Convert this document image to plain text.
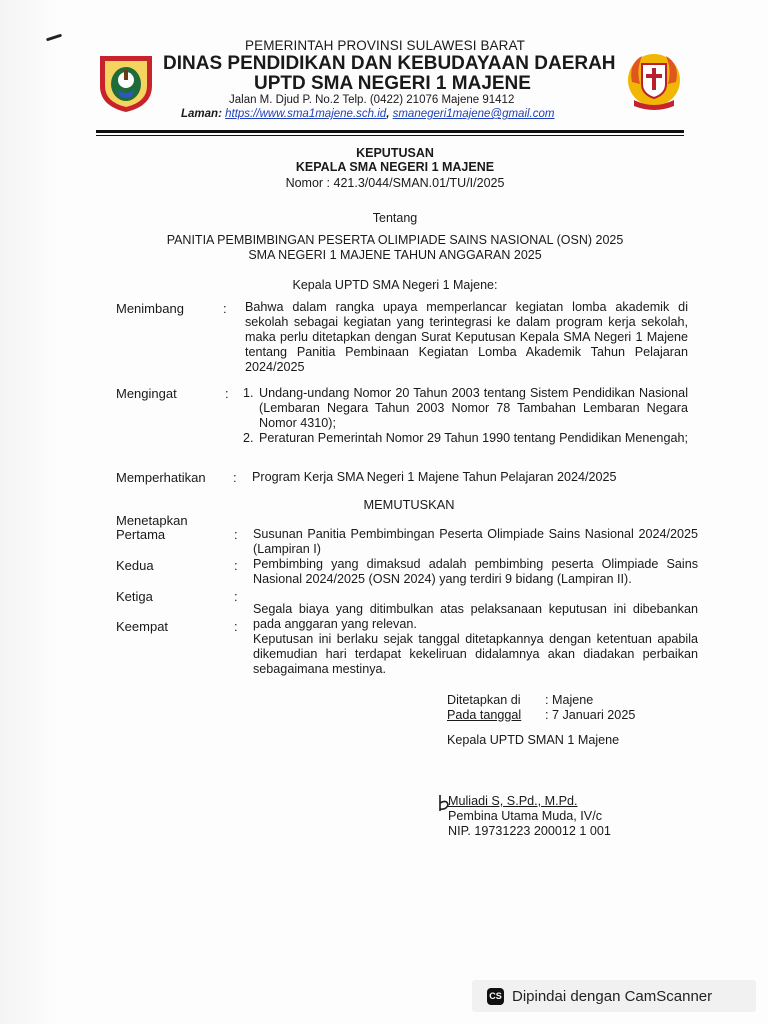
PEMERINTAH PROVINSI SULAWESI BARAT
DINAS PENDIDIKAN DAN KEBUDAYAAN DAERAH
UPTD SMA NEGERI 1 MAJENE
Jalan M. Djud P. No.2 Telp. (0422) 21076 Majene 91412
Laman: https://www.sma1majene.sch.id, smanegeri1majene@gmail.com
KEPUTUSAN
KEPALA SMA NEGERI 1 MAJENE
Nomor : 421.3/044/SMAN.01/TU/I/2025
Tentang
PANITIA PEMBIMBINGAN PESERTA OLIMPIADE SAINS NASIONAL (OSN) 2025
SMA NEGERI 1 MAJENE TAHUN ANGGARAN 2025
Kepala UPTD SMA Negeri 1 Majene:
Menimbang	: Bahwa dalam rangka upaya memperlancar kegiatan lomba akademik di sekolah sebagai kegiatan yang terintegrasi ke dalam program kerja sekolah, maka perlu ditetapkan dengan Surat Keputusan Kepala SMA Negeri 1 Majene tentang Panitia Pembinaan Kegiatan Lomba Akademik Tahun Pelajaran 2024/2025
Mengingat	: 1. Undang-undang Nomor 20 Tahun 2003 tentang Sistem Pendidikan Nasional (Lembaran Negara Tahun 2003 Nomor 78 Tambahan Lembaran Negara Nomor 4310);
2. Peraturan Pemerintah Nomor 29 Tahun 1990 tentang Pendidikan Menengah;
Memperhatikan : Program Kerja SMA Negeri 1 Majene Tahun Pelajaran 2024/2025
MEMUTUSKAN
Menetapkan
Pertama
Kedua
Ketiga
Keempat
:
:
:
:
Susunan Panitia Pembimbingan Peserta Olimpiade Sains Nasional 2024/2025 (Lampiran I)
Pembimbing yang dimaksud adalah pembimbing peserta Olimpiade Sains Nasional 2024/2025 (OSN 2024) yang terdiri 9 bidang (Lampiran II).
Segala biaya yang ditimbulkan atas pelaksanaan keputusan ini dibebankan pada anggaran yang relevan.
Keputusan ini berlaku sejak tanggal ditetapkannya dengan ketentuan apabila dikemudian hari terdapat kekeliruan didalamnya akan diadakan perbaikan sebagaimana mestinya.
Ditetapkan di : Majene
Pada tanggal : 7 Januari 2025
Kepala UPTD SMAN 1 Majene
Muliadi S, S.Pd., M.Pd.
Pembina Utama Muda, IV/c
NIP. 19731223 200012 1 001
CS Dipindai dengan CamScanner
